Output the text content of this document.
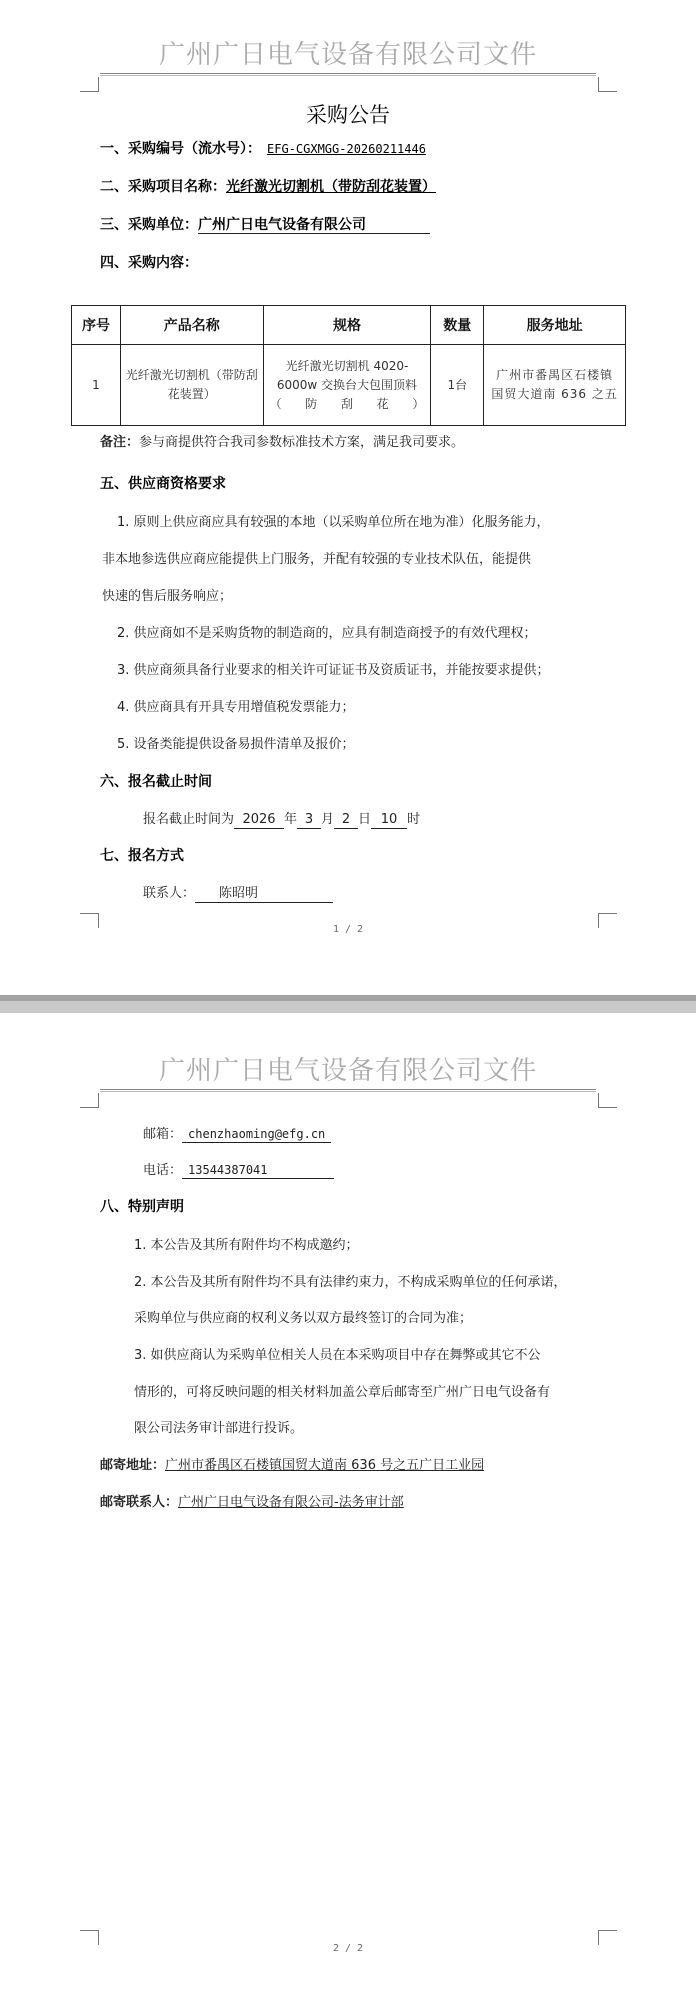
广州广日电气设备有限公司文件
采购公告
一、采购编号（流水号）： EFG-CGXMGG-20260211446
二、采购项目名称：光纤激光切割机（带防刮花装置）
三、采购单位：广州广日电气设备有限公司
四、采购内容：
序号	产品名称	规格	数量	服务地址
1	光纤激光切割机（带防刮花装置）	光纤激光切割机 4020-6000w 交换台大包围顶料（防刮花）	1台	广州市番禺区石楼镇国贸大道南 636 之五
备注：参与商提供符合我司参数标准技术方案，满足我司要求。
五、供应商资格要求
1. 原则上供应商应具有较强的本地（以采购单位所在地为准）化服务能力，
非本地参选供应商应能提供上门服务，并配有较强的专业技术队伍，能提供
快速的售后服务响应；
2. 供应商如不是采购货物的制造商的，应具有制造商授予的有效代理权；
3. 供应商须具备行业要求的相关许可证证书及资质证书，并能按要求提供；
4. 供应商具有开具专用增值税发票能力；
5. 设备类能提供设备易损件清单及报价；
六、报名截止时间
报名截止时间为 2026 年 3 月 2 日 10 时
七、报名方式
联系人： 陈昭明
1 / 2
广州广日电气设备有限公司文件
邮箱： chenzhaoming@efg.cn
电话： 13544387041
八、特别声明
1. 本公告及其所有附件均不构成邀约；
2. 本公告及其所有附件均不具有法律约束力，不构成采购单位的任何承诺，
采购单位与供应商的权利义务以双方最终签订的合同为准；
3. 如供应商认为采购单位相关人员在本采购项目中存在舞弊或其它不公
情形的，可将反映问题的相关材料加盖公章后邮寄至广州广日电气设备有
限公司法务审计部进行投诉。
邮寄地址：广州市番禺区石楼镇国贸大道南 636 号之五广日工业园
邮寄联系人：广州广日电气设备有限公司-法务审计部
2 / 2
